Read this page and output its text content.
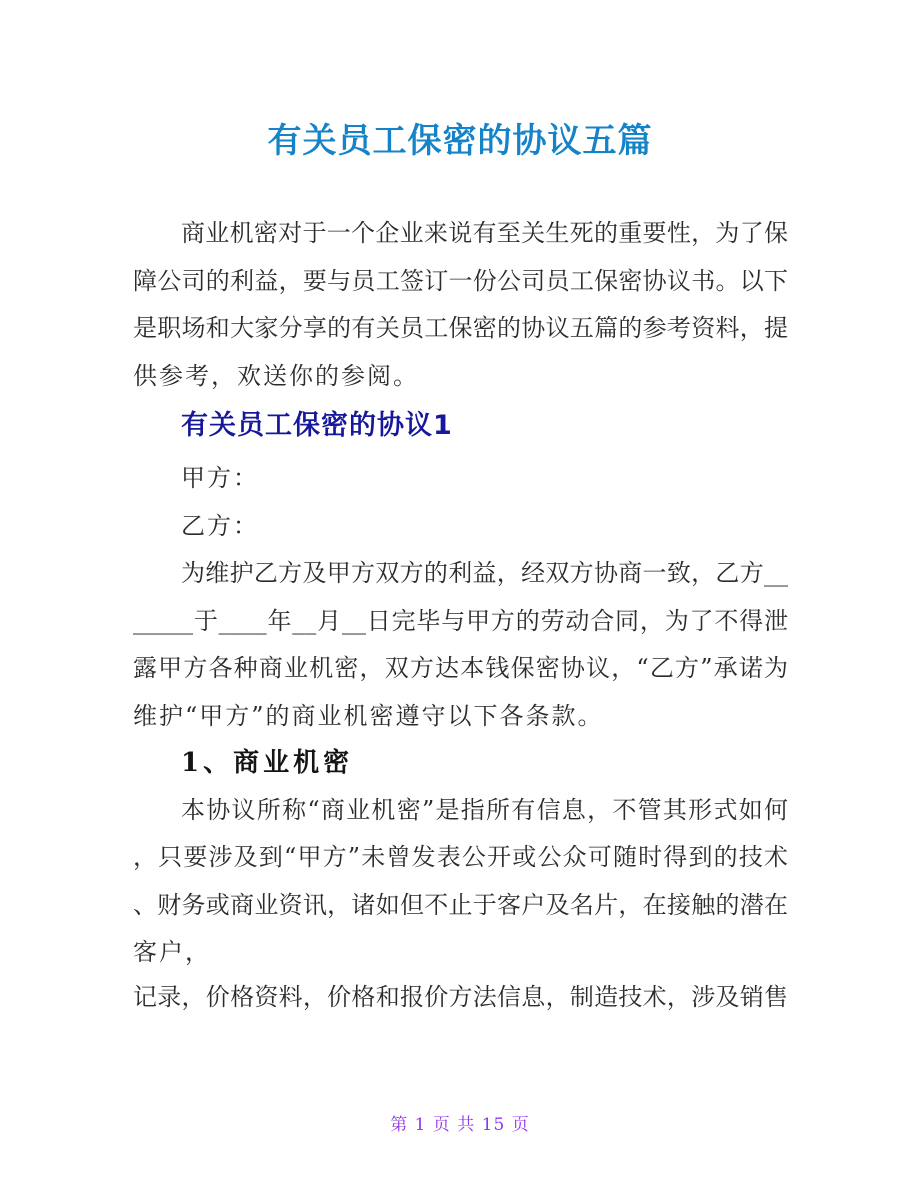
有关员工保密的协议五篇
商业机密对于一个企业来说有至关生死的重要性，为了保
障公司的利益，要与员工签订一份公司员工保密协议书。以下
是职场和大家分享的有关员工保密的协议五篇的参考资料，提
供参考，欢送你的参阅。
有关员工保密的协议1
甲方：
乙方：
为维护乙方及甲方双方的利益，经双方协商一致，乙方__
_____于____年__月__日完毕与甲方的劳动合同，为了不得泄
露甲方各种商业机密，双方达本钱保密协议，“乙方”承诺为
维护“甲方”的商业机密遵守以下各条款。
1、商业机密
本协议所称“商业机密”是指所有信息，不管其形式如何
，只要涉及到“甲方”未曾发表公开或公众可随时得到的技术
、财务或商业资讯，诸如但不止于客户及名片，在接触的潜在
客户，
记录，价格资料，价格和报价方法信息，制造技术，涉及销售
第 1 页 共 15 页
